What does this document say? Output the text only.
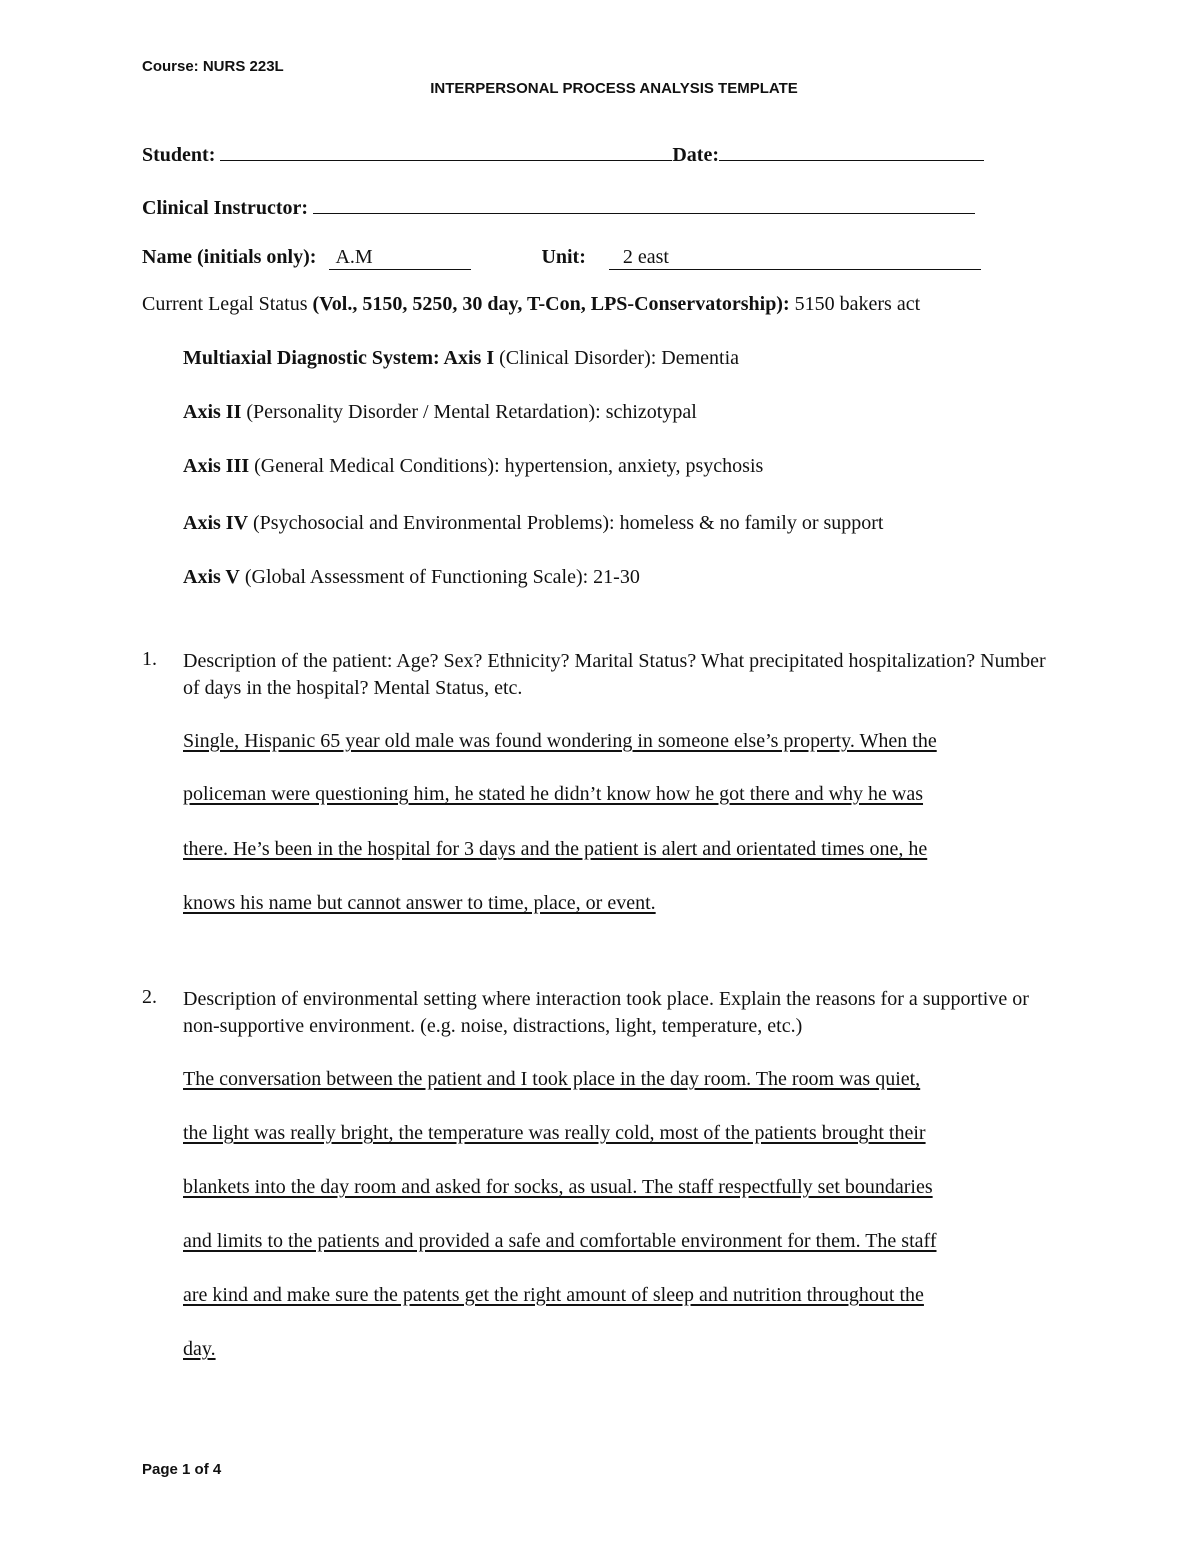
Course: NURS 223L
INTERPERSONAL PROCESS ANALYSIS TEMPLATE
Student:	Date:
Clinical Instructor:
Name (initials only): A.M	Unit: 2 east
Current Legal Status (Vol., 5150, 5250, 30 day, T-Con, LPS-Conservatorship): 5150 bakers act
Multiaxial Diagnostic System: Axis I (Clinical Disorder): Dementia
Axis II (Personality Disorder / Mental Retardation): schizotypal
Axis III (General Medical Conditions): hypertension, anxiety, psychosis
Axis IV (Psychosocial and Environmental Problems): homeless & no family or support
Axis V (Global Assessment of Functioning Scale): 21-30
1. Description of the patient: Age? Sex? Ethnicity? Marital Status? What precipitated hospitalization? Number of days in the hospital? Mental Status, etc.
Single, Hispanic 65 year old male was found wondering in someone else’s property. When the
policeman were questioning him, he stated he didn’t know how he got there and why he was
there. He’s been in the hospital for 3 days and the patient is alert and orientated times one, he
knows his name but cannot answer to time, place, or event.
2. Description of environmental setting where interaction took place. Explain the reasons for a supportive or non-supportive environment. (e.g. noise, distractions, light, temperature, etc.)
The conversation between the patient and I took place in the day room. The room was quiet,
the light was really bright, the temperature was really cold, most of the patients brought their
blankets into the day room and asked for socks, as usual. The staff respectfully set boundaries
and limits to the patients and provided a safe and comfortable environment for them. The staff
are kind and make sure the patents get the right amount of sleep and nutrition throughout the
day.
Page 1 of 4
